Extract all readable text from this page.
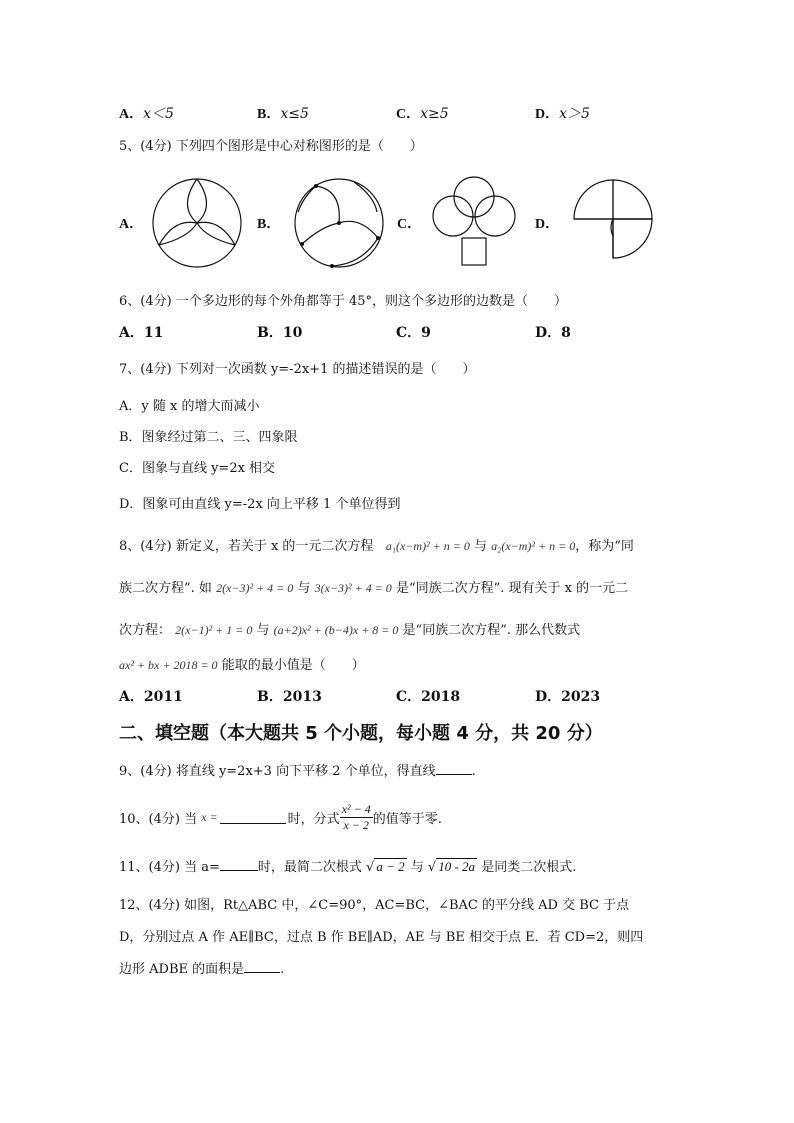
A．x＜5	B．x≤5	C．x≥5	D．x＞5
5、(4分) 下列四个图形是中心对称图形的是（　　）
A．	B．	C．	D．
6、(4分) 一个多边形的每个外角都等于 45°，则这个多边形的边数是（　　）
A．11	B．10	C．9	D．8
7、(4分) 下列对一次函数 y=-2x+1 的描述错误的是（　　）
A．y 随 x 的增大而减小
B．图象经过第二、三、四象限
C．图象与直线 y=2x 相交
D．图象可由直线 y=-2x 向上平移 1 个单位得到
8、(4分) 新定义，若关于 x 的一元二次方程 a₁(x−m)² + n = 0 与 a₂(x−m)² + n = 0，称为“同
族二次方程”. 如 2(x−3)² + 4 = 0 与 3(x−3)² + 4 = 0 是“同族二次方程”. 现有关于 x 的一元二
次方程： 2(x−1)² + 1 = 0 与 (a+2)x² + (b−4)x + 8 = 0 是“同族二次方程”. 那么代数式
ax² + bx + 2018 = 0 能取的最小值是（　　）
A．2011	B．2013	C．2018	D．2023
二、填空题（本大题共 5 个小题，每小题 4 分，共 20 分）
9、(4分) 将直线 y=2x+3 向下平移 2 个单位，得直线	.
10、(4分) 当
x =	时，分式 $\frac{\text{x² − 4}}{x - 2}$ 的值等于零.
11、(4分) 当 a=	时，最简二次根式 √ a − 2 与 √ 10 - 2a 是同类二次根式.
12、(4分) 如图，Rt△ABC 中，∠C=90°，AC=BC，∠BAC 的平分线 AD 交 BC 于点
D，分别过点 A 作 AE∥BC，过点 B 作 BE∥AD，AE 与 BE 相交于点 E．若 CD=2，则四
边形 ADBE 的面积是	.
